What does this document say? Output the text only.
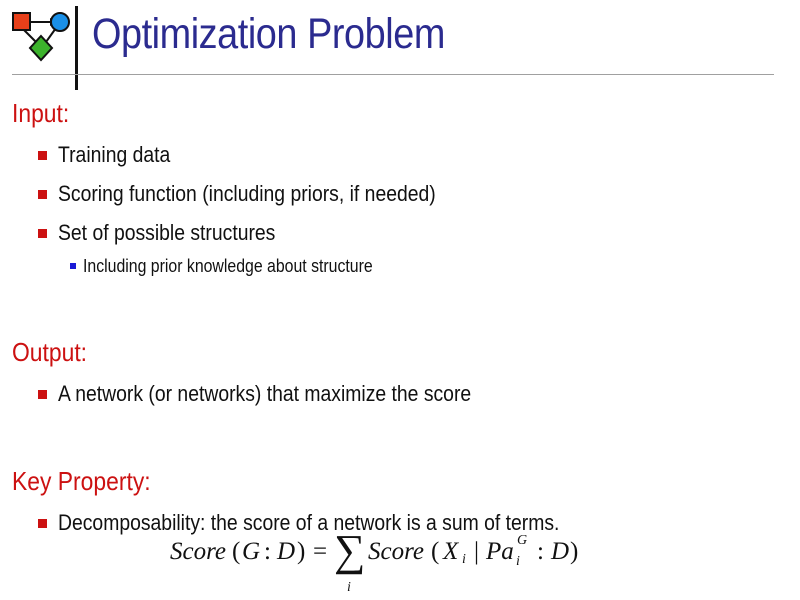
Optimization Problem
Input:
Training data
Scoring function (including priors, if needed)
Set of possible structures
Including prior knowledge about structure
Output:
A network (or networks) that maximize the score
Key Property:
Decomposability: the score of a network is a sum of terms.
Score ( G : D ) = ∑
i
Score ( X i | Pa G
i : D )
